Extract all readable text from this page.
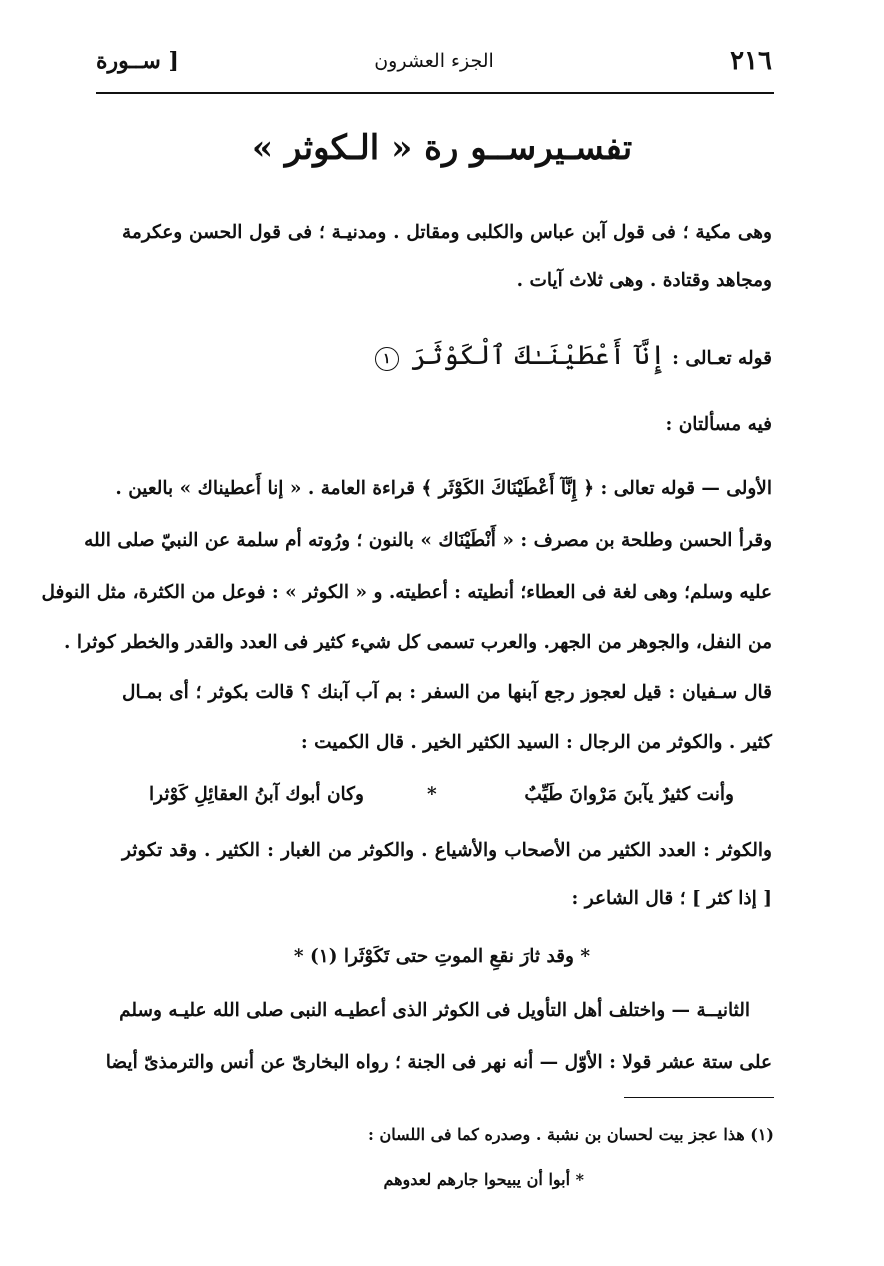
٢١٦
الجزء العشرون
[ ســورة
تفسـيرســو رة « الـكوثر »
وهى مكية ؛ فى قول آبن عباس والكلبى ومقاتل . ومدنيـة ؛ فى قول الحسن وعكرمة
ومجاهد وقتادة . وهى ثلاث آيات .
قوله تعـالى : إِنَّآ أَعْطَيْنَـٰكَ ٱلْكَوْثَرَ ١
فيه مسألتان :
الأولى — قوله تعالى : ﴿ إِنَّآ أَعْطَيْنَاكَ الكَوْثَر ﴾ قراءة العامة . « إنا أَعطيناك » بالعين .
وقرأ الحسن وطلحة بن مصرف : « أَنْطَيْنَاك » بالنون ؛ ورُوته أم سلمة عن النبيّ صلى الله
عليه وسلم؛ وهى لغة فى العطاء؛ أنطيته : أعطيته. و « الكوثر » : فوعل من الكثرة، مثل النوفل
من النفل، والجوهر من الجهر. والعرب تسمى كل شيء كثير فى العدد والقدر والخطر كوثرا .
قال سـفيان : قيل لعجوز رجع آبنها من السفر : بم آب آبنك ؟ قالت بكوثر ؛ أى بمـال
كثير . والكوثر من الرجال : السيد الكثير الخير . قال الكميت :
وأنت كثيرٌ يآبنَ مَرْوانَ طَيِّبٌ
*
وكان أبوك آبنُ العقائِلِ كَوْثرا
والكوثر : العدد الكثير من الأصحاب والأشياع . والكوثر من الغبار : الكثير . وقد تكوثر
[ إذا كثر ] ؛ قال الشاعر :
* وقد ثارَ نقعِ الموتِ حتى تَكَوْثَرا (١) *
الثانيــة — واختلف أهل التأويل فى الكوثر الذى أعطيـه النبى صلى الله عليـه وسلم
على ستة عشر قولا : الأوّل — أنه نهر فى الجنة ؛ رواه البخارىّ عن أنس والترمذىّ أيضا
(١) هذا عجز بيت لحسان بن نشبة . وصدره كما فى اللسان :
* أبوا أن يبيحوا جارهم لعدوهم
